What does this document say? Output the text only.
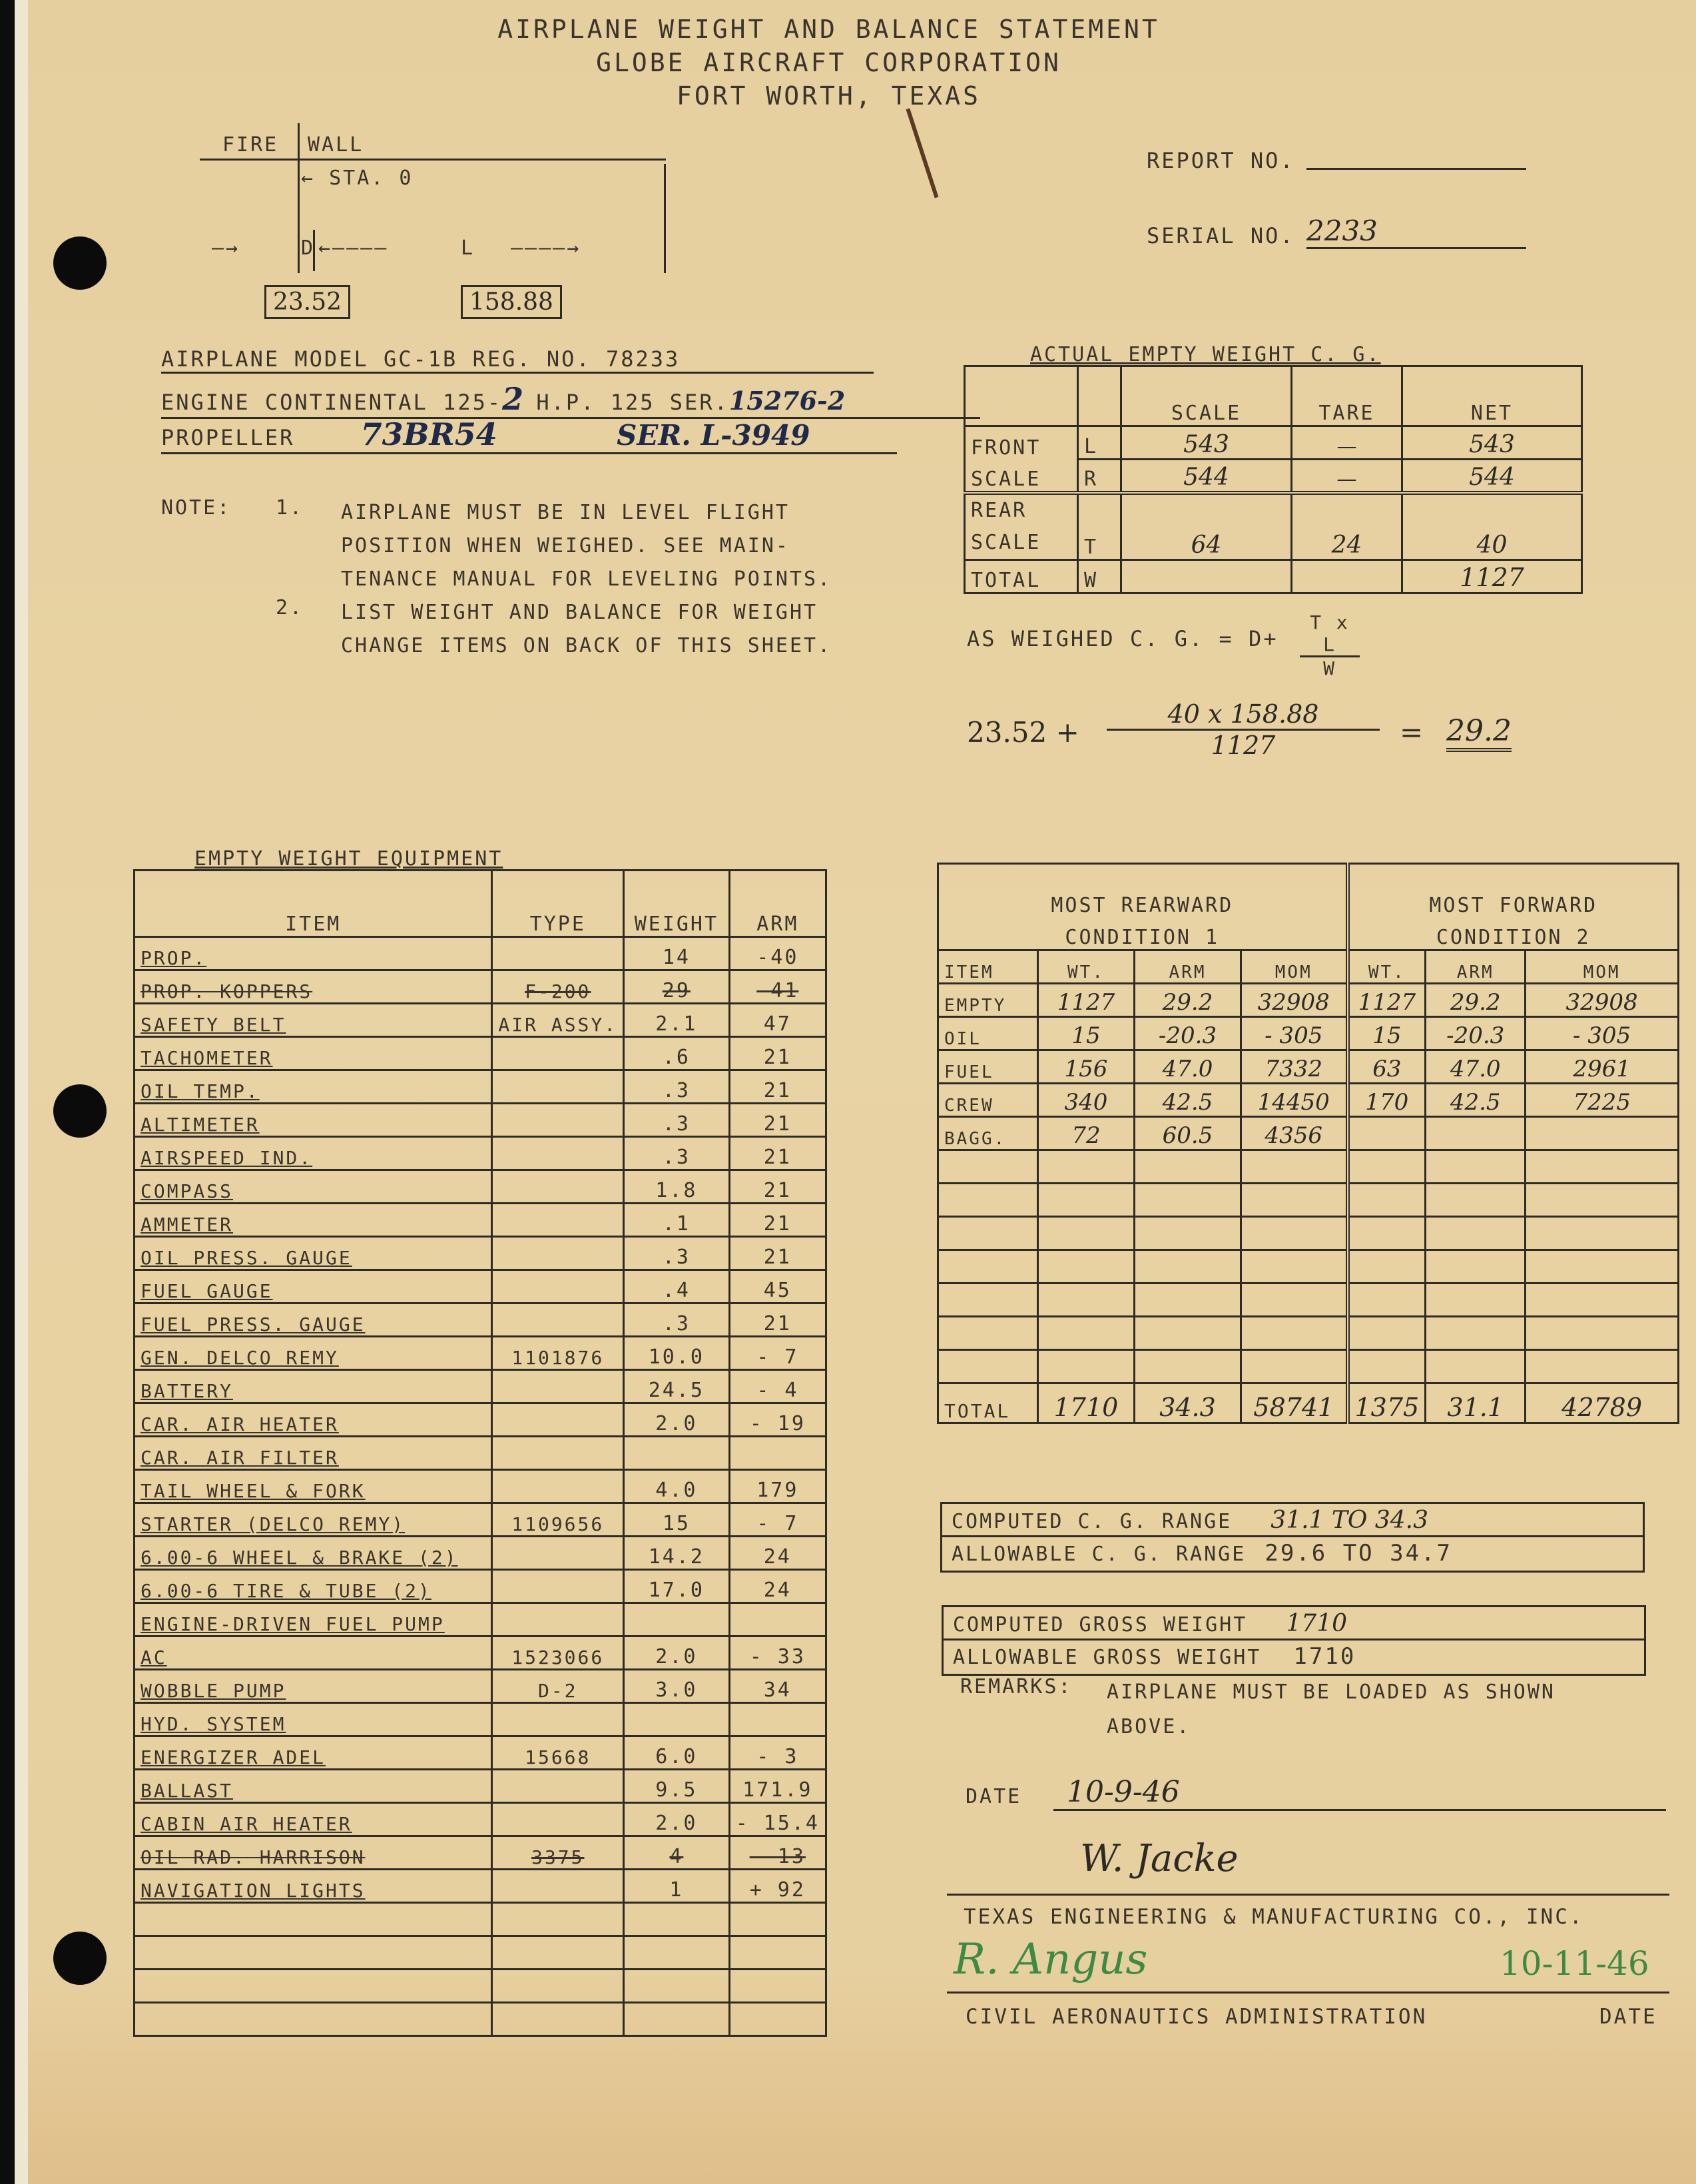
AIRPLANE WEIGHT AND BALANCE STATEMENT
GLOBE AIRCRAFT CORPORATION
FORT WORTH, TEXAS
FIRE WALL
← STA. 0
—→	D ←————	L ————→
23.52	158.88
REPORT NO.
SERIAL NO. 2233
AIRPLANE MODEL GC-1B REG. NO. 78233
ENGINE CONTINENTAL 125-2 H.P. 125 SER.15276-2
PROPELLER 73BR54	SER. L-3949
NOTE: 1. AIRPLANE MUST BE IN LEVEL FLIGHT
POSITION WHEN WEIGHED. SEE MAIN-
TENANCE MANUAL FOR LEVELING POINTS.
2. LIST WEIGHT AND BALANCE FOR WEIGHT
CHANGE ITEMS ON BACK OF THIS SHEET.
ACTUAL EMPTY WEIGHT C. G.
		SCALE	TARE	NET
FRONT	L	543	—	543
SCALE	R	544	—	544
REAR SCALE	T	64	24	40
TOTAL	W			1127
AS WEIGHED C. G. = D+
T x L
W
23.52 +
40 x 158.88
1127	= 29.2
EMPTY WEIGHT EQUIPMENT
ITEM	TYPE	WEIGHT	ARM
PROP.		14	-40
PROP. KOPPERS	F-200	29	-41
SAFETY BELT	AIR ASSY.	2.1	47
TACHOMETER		.6	21
OIL TEMP.		.3	21
ALTIMETER		.3	21
AIRSPEED IND.		.3	21
COMPASS		1.8	21
AMMETER		.1	21
OIL PRESS. GAUGE		.3	21
FUEL GAUGE		.4	45
FUEL PRESS. GAUGE		.3	21
GEN. DELCO REMY	1101876	10.0	- 7
BATTERY		24.5	- 4
CAR. AIR HEATER		2.0	- 19
CAR. AIR FILTER			
TAIL WHEEL & FORK		4.0	179
STARTER (DELCO REMY)	1109656	15	- 7
6.00-6 WHEEL & BRAKE (2)		14.2	24
6.00-6 TIRE & TUBE (2)		17.0	24
ENGINE-DRIVEN FUEL PUMP			
AC	1523066	2.0	- 33
WOBBLE PUMP	D-2	3.0	34
HYD. SYSTEM			
ENERGIZER ADEL	15668	6.0	- 3
BALLAST		9.5	171.9
CABIN AIR HEATER		2.0	- 15.4
OIL RAD. HARRISON	3375	4	- 13
NAVIGATION LIGHTS		1	+ 92

MOST REARWARD				MOST FORWARD		
CONDITION 1				CONDITION 2		
ITEM	WT.	ARM	MOM	WT.	ARM	MOM
EMPTY	1127	29.2	32908	1127	29.2	32908
OIL	15	-20.3	- 305	15	-20.3	- 305
FUEL	156	47.0	7332	63	47.0	2961
CREW	340	42.5	14450	170	42.5	7225
BAGG.	72	60.5	4356			

TOTAL	1710	34.3	58741	1375	31.1	42789
COMPUTED C. G. RANGE 31.1 TO 34.3
ALLOWABLE C. G. RANGE 29.6 TO 34.7
COMPUTED GROSS WEIGHT 1710
ALLOWABLE GROSS WEIGHT 1710
REMARKS: AIRPLANE MUST BE LOADED AS SHOWN
ABOVE.
DATE	10-9-46
W. Jacke
TEXAS ENGINEERING & MANUFACTURING CO., INC.
R. Angus	10-11-46
CIVIL AERONAUTICS ADMINISTRATION	DATE
